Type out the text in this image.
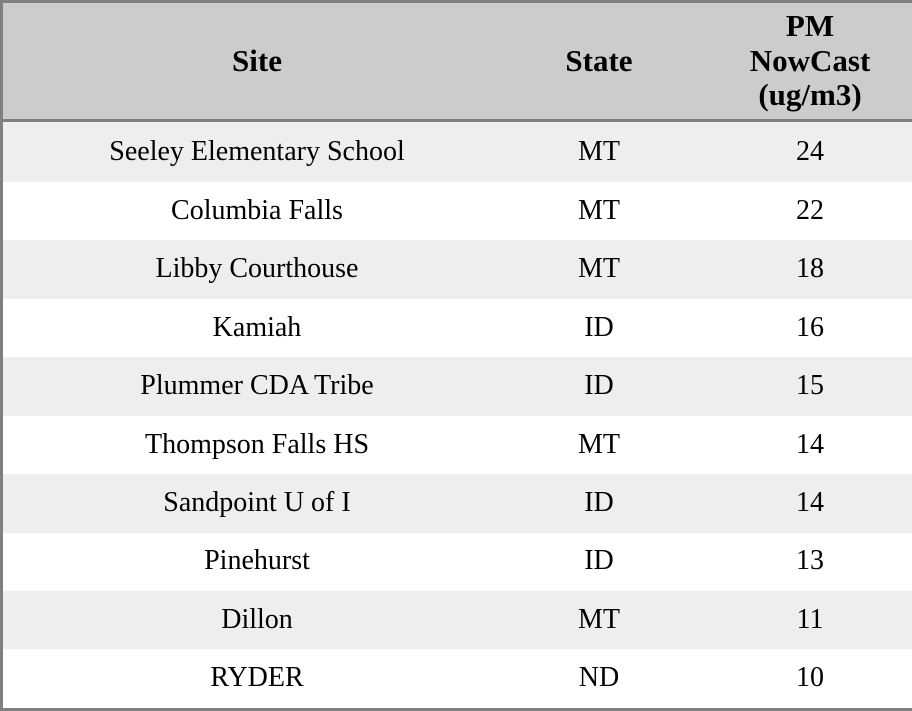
Site	State	PM
NowCast
(ug/m3)

Seeley Elementary School	MT	24
Columbia Falls	MT	22
Libby Courthouse	MT	18
Kamiah	ID	16
Plummer CDA Tribe	ID	15
Thompson Falls HS	MT	14
Sandpoint U of I	ID	14
Pinehurst	ID	13
Dillon	MT	11
RYDER	ND	10
